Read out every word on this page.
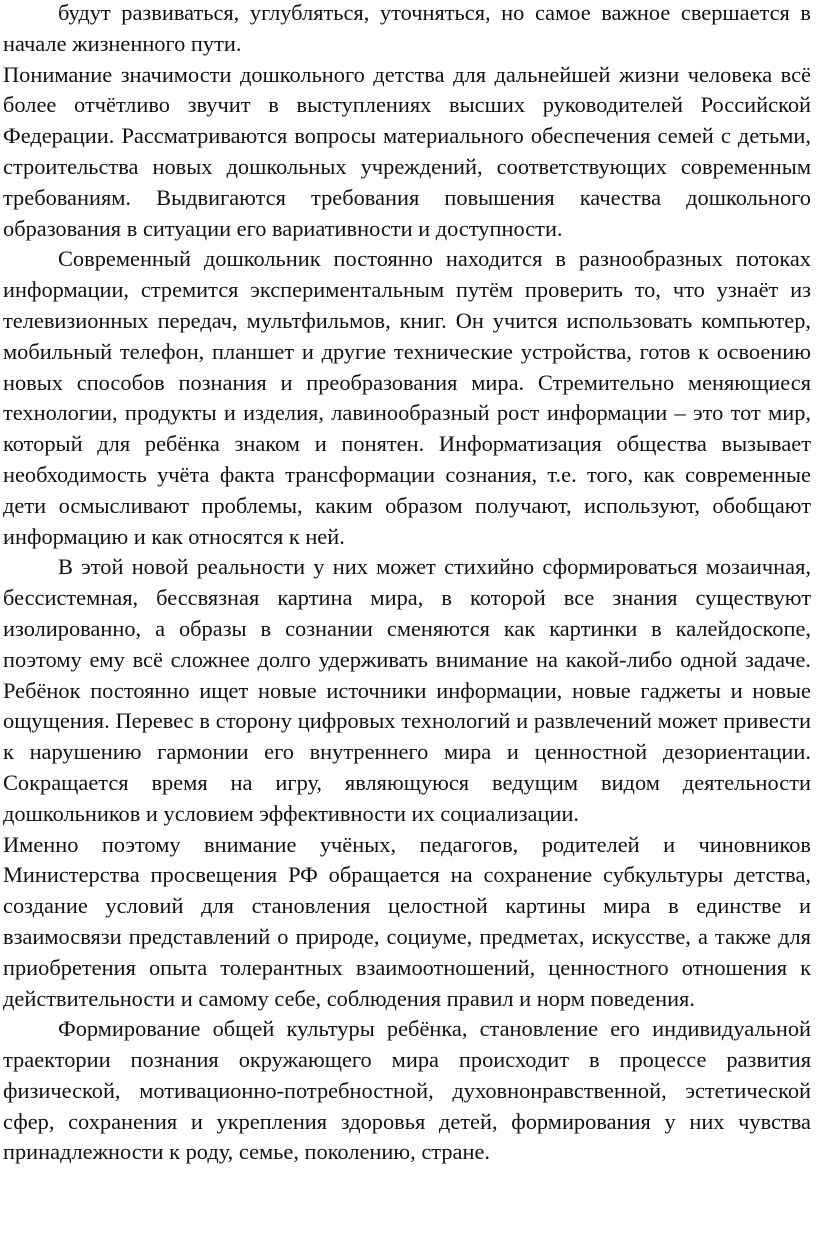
будут развиваться, углубляться, уточняться, но самое важное свершается в начале жизненного пути.

Понимание значимости дошкольного детства для дальнейшей жизни человека всё более отчётливо звучит в выступлениях высших руководителей Российской Федерации. Рассматриваются вопросы материального обеспечения семей с детьми, строительства новых дошкольных учреждений, соответствующих современным требованиям. Выдвигаются требования повышения качества дошкольного образования в ситуации его вариативности и доступности.

Современный дошкольник постоянно находится в разнообразных потоках информации, стремится экспериментальным путём проверить то, что узнаёт из телевизионных передач, мультфильмов, книг. Он учится использовать компьютер, мобильный телефон, планшет и другие технические устройства, готов к освоению новых способов познания и преобразования мира. Стремительно меняющиеся технологии, продукты и изделия, лавинообразный рост информации – это тот мир, который для ребёнка знаком и понятен. Информатизация общества вызывает необходимость учёта факта трансформации сознания, т.е. того, как современные дети осмысливают проблемы, каким образом получают, используют, обобщают информацию и как относятся к ней.

В этой новой реальности у них может стихийно сформироваться мозаичная, бессистемная, бессвязная картина мира, в которой все знания существуют изолированно, а образы в сознании сменяются как картинки в калейдоскопе, поэтому ему всё сложнее долго удерживать внимание на какой-либо одной задаче. Ребёнок постоянно ищет новые источники информации, новые гаджеты и новые ощущения. Перевес в сторону цифровых технологий и развлечений может привести к нарушению гармонии его внутреннего мира и ценностной дезориентации. Сокращается время на игру, являющуюся ведущим видом деятельности дошкольников и условием эффективности их социализации.

Именно поэтому внимание учёных, педагогов, родителей и чиновников Министерства просвещения РФ обращается на сохранение субкультуры детства, создание условий для становления целостной картины мира в единстве и взаимосвязи представлений о природе, социуме, предметах, искусстве, а также для приобретения опыта толерантных взаимоотношений, ценностного отношения к действительности и самому себе, соблюдения правил и норм поведения.

Формирование общей культуры ребёнка, становление его индивидуальной траектории познания окружающего мира происходит в процессе развития физической, мотивационно-потребностной, духовнонравственной, эстетической сфер, сохранения и укрепления здоровья детей, формирования у них чувства принадлежности к роду, семье, поколению, стране.
